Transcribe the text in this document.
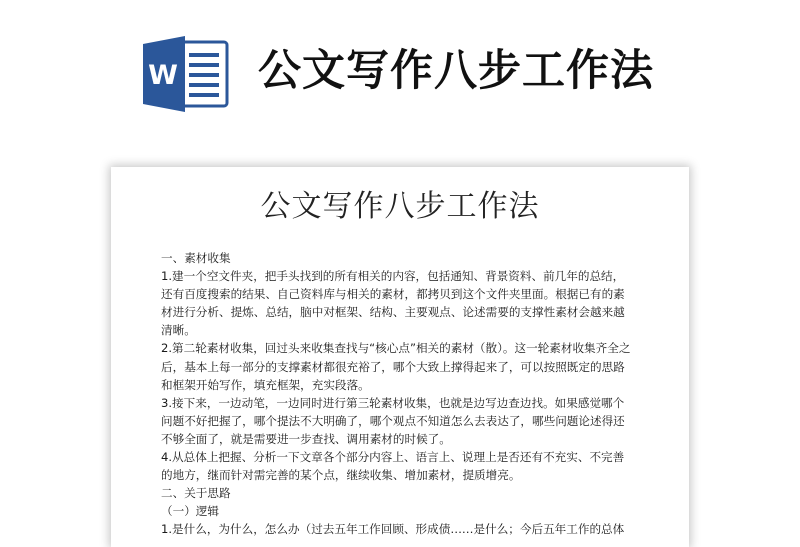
W 公文写作八步工作法
公文写作八步工作法
一、素材收集
1.建一个空文件夹，把手头找到的所有相关的内容，包括通知、背景资料、前几年的总结，
还有百度搜索的结果、自己资料库与相关的素材，都拷贝到这个文件夹里面。根据已有的素
材进行分析、提炼、总结，脑中对框架、结构、主要观点、论述需要的支撑性素材会越来越
清晰。
2.第二轮素材收集，回过头来收集查找与“核心点”相关的素材（散）。这一轮素材收集齐全之
后，基本上每一部分的支撑素材都很充裕了，哪个大致上撑得起来了，可以按照既定的思路
和框架开始写作，填充框架，充实段落。
3.接下来，一边动笔，一边同时进行第三轮素材收集，也就是边写边查边找。如果感觉哪个
问题不好把握了，哪个提法不大明确了，哪个观点不知道怎么去表达了，哪些问题论述得还
不够全面了，就是需要进一步查找、调用素材的时候了。
4.从总体上把握、分析一下文章各个部分内容上、语言上、说理上是否还有不充实、不完善
的地方，继而针对需完善的某个点，继续收集、增加素材，提质增亮。
二、关于思路
（一）逻辑
1.是什么，为什么，怎么办（过去五年工作回顾、形成债……是什么；今后五年工作的总体
